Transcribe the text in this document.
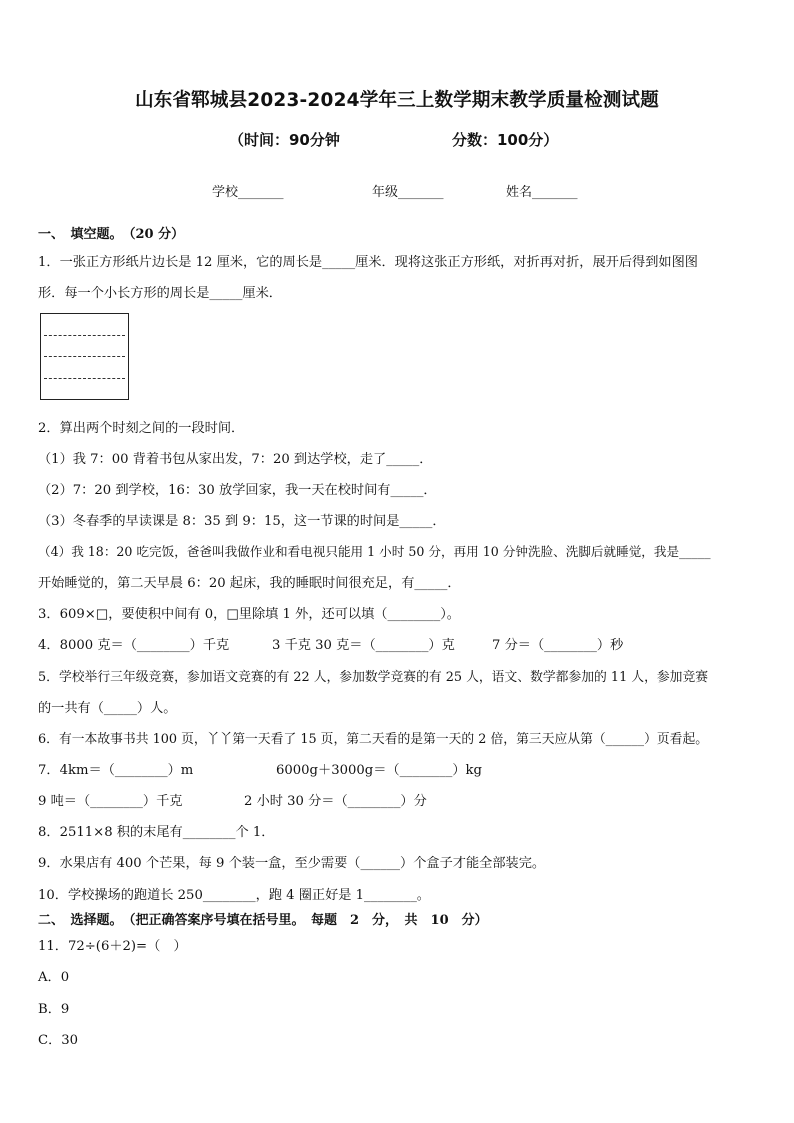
山东省郓城县2023-2024学年三上数学期末教学质量检测试题
（时间：90分钟	分数：100分）
学校_______	年级_______	姓名_______
一、　填空题。　（20 分）
1．一张正方形纸片边长是 12 厘米，它的周长是_____厘米．现将这张正方形纸，对折再对折，展开后得到如图图
形．每一个小长方形的周长是_____厘米．
2．算出两个时刻之间的一段时间．
（1）我 7：00 背着书包从家出发，7：20 到达学校，走了_____．
（2）7：20 到学校，16：30 放学回家，我一天在校时间有_____．
（3）冬春季的早读课是 8：35 到 9：15，这一节课的时间是_____．
（4）我 18：20 吃完饭，爸爸叫我做作业和看电视只能用 1 小时 50 分，再用 10 分钟洗脸、洗脚后就睡觉，我是_____
开始睡觉的，第二天早晨 6：20 起床，我的睡眠时间很充足，有_____．
3．609×□，要使积中间有 0，□里除填 1 外，还可以填（________）。
4．8000 克＝（________）千克	3 千克 30 克＝（________）克	7 分＝（________）秒
5．学校举行三年级竞赛，参加语文竞赛的有 22 人，参加数学竞赛的有 25 人，语文、数学都参加的 11 人，参加竞赛
的一共有（_____）人。
6．有一本故事书共 100 页，丫丫第一天看了 15 页，第二天看的是第一天的 2 倍，第三天应从第（______）页看起。
7．4km＝（________）m	6000g＋3000g＝（________）kg
9 吨＝（________）千克	2 小时 30 分＝（________）分
8．2511×8 积的末尾有________个 1．
9．水果店有 400 个芒果，每 9 个装一盒，至少需要（______）个盒子才能全部装完。
10．学校操场的跑道长 250________，跑 4 圈正好是 1________。
二、　选择题。　（把正确答案序号填在括号里。　每题　2　分，　共　10　分）
11．72÷(6＋2)=（　）
A．0
B．9
C．30
